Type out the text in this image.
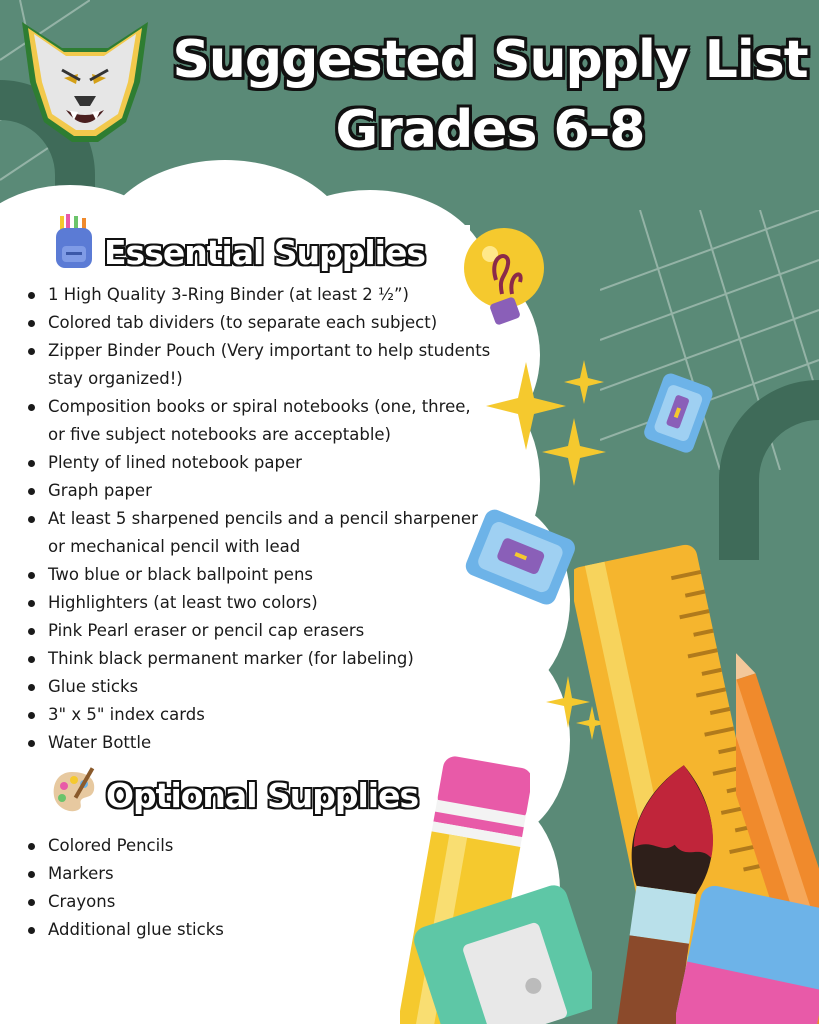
Suggested Supply List
Grades 6-8
Essential Supplies
1 High Quality 3-Ring Binder (at least 2 ½”)
Colored tab dividers (to separate each subject)
Zipper Binder Pouch (Very important to help students
stay organized!)
Composition books or spiral notebooks (one, three,
or five subject notebooks are acceptable)
Plenty of lined notebook paper
Graph paper
At least 5 sharpened pencils and a pencil sharpener
or mechanical pencil with lead
Two blue or black ballpoint pens
Highlighters (at least two colors)
Pink Pearl eraser or pencil cap erasers
Think black permanent marker (for labeling)
Glue sticks
3" x 5" index cards
Water Bottle
Optional Supplies
Colored Pencils
Markers
Crayons
Additional glue sticks
